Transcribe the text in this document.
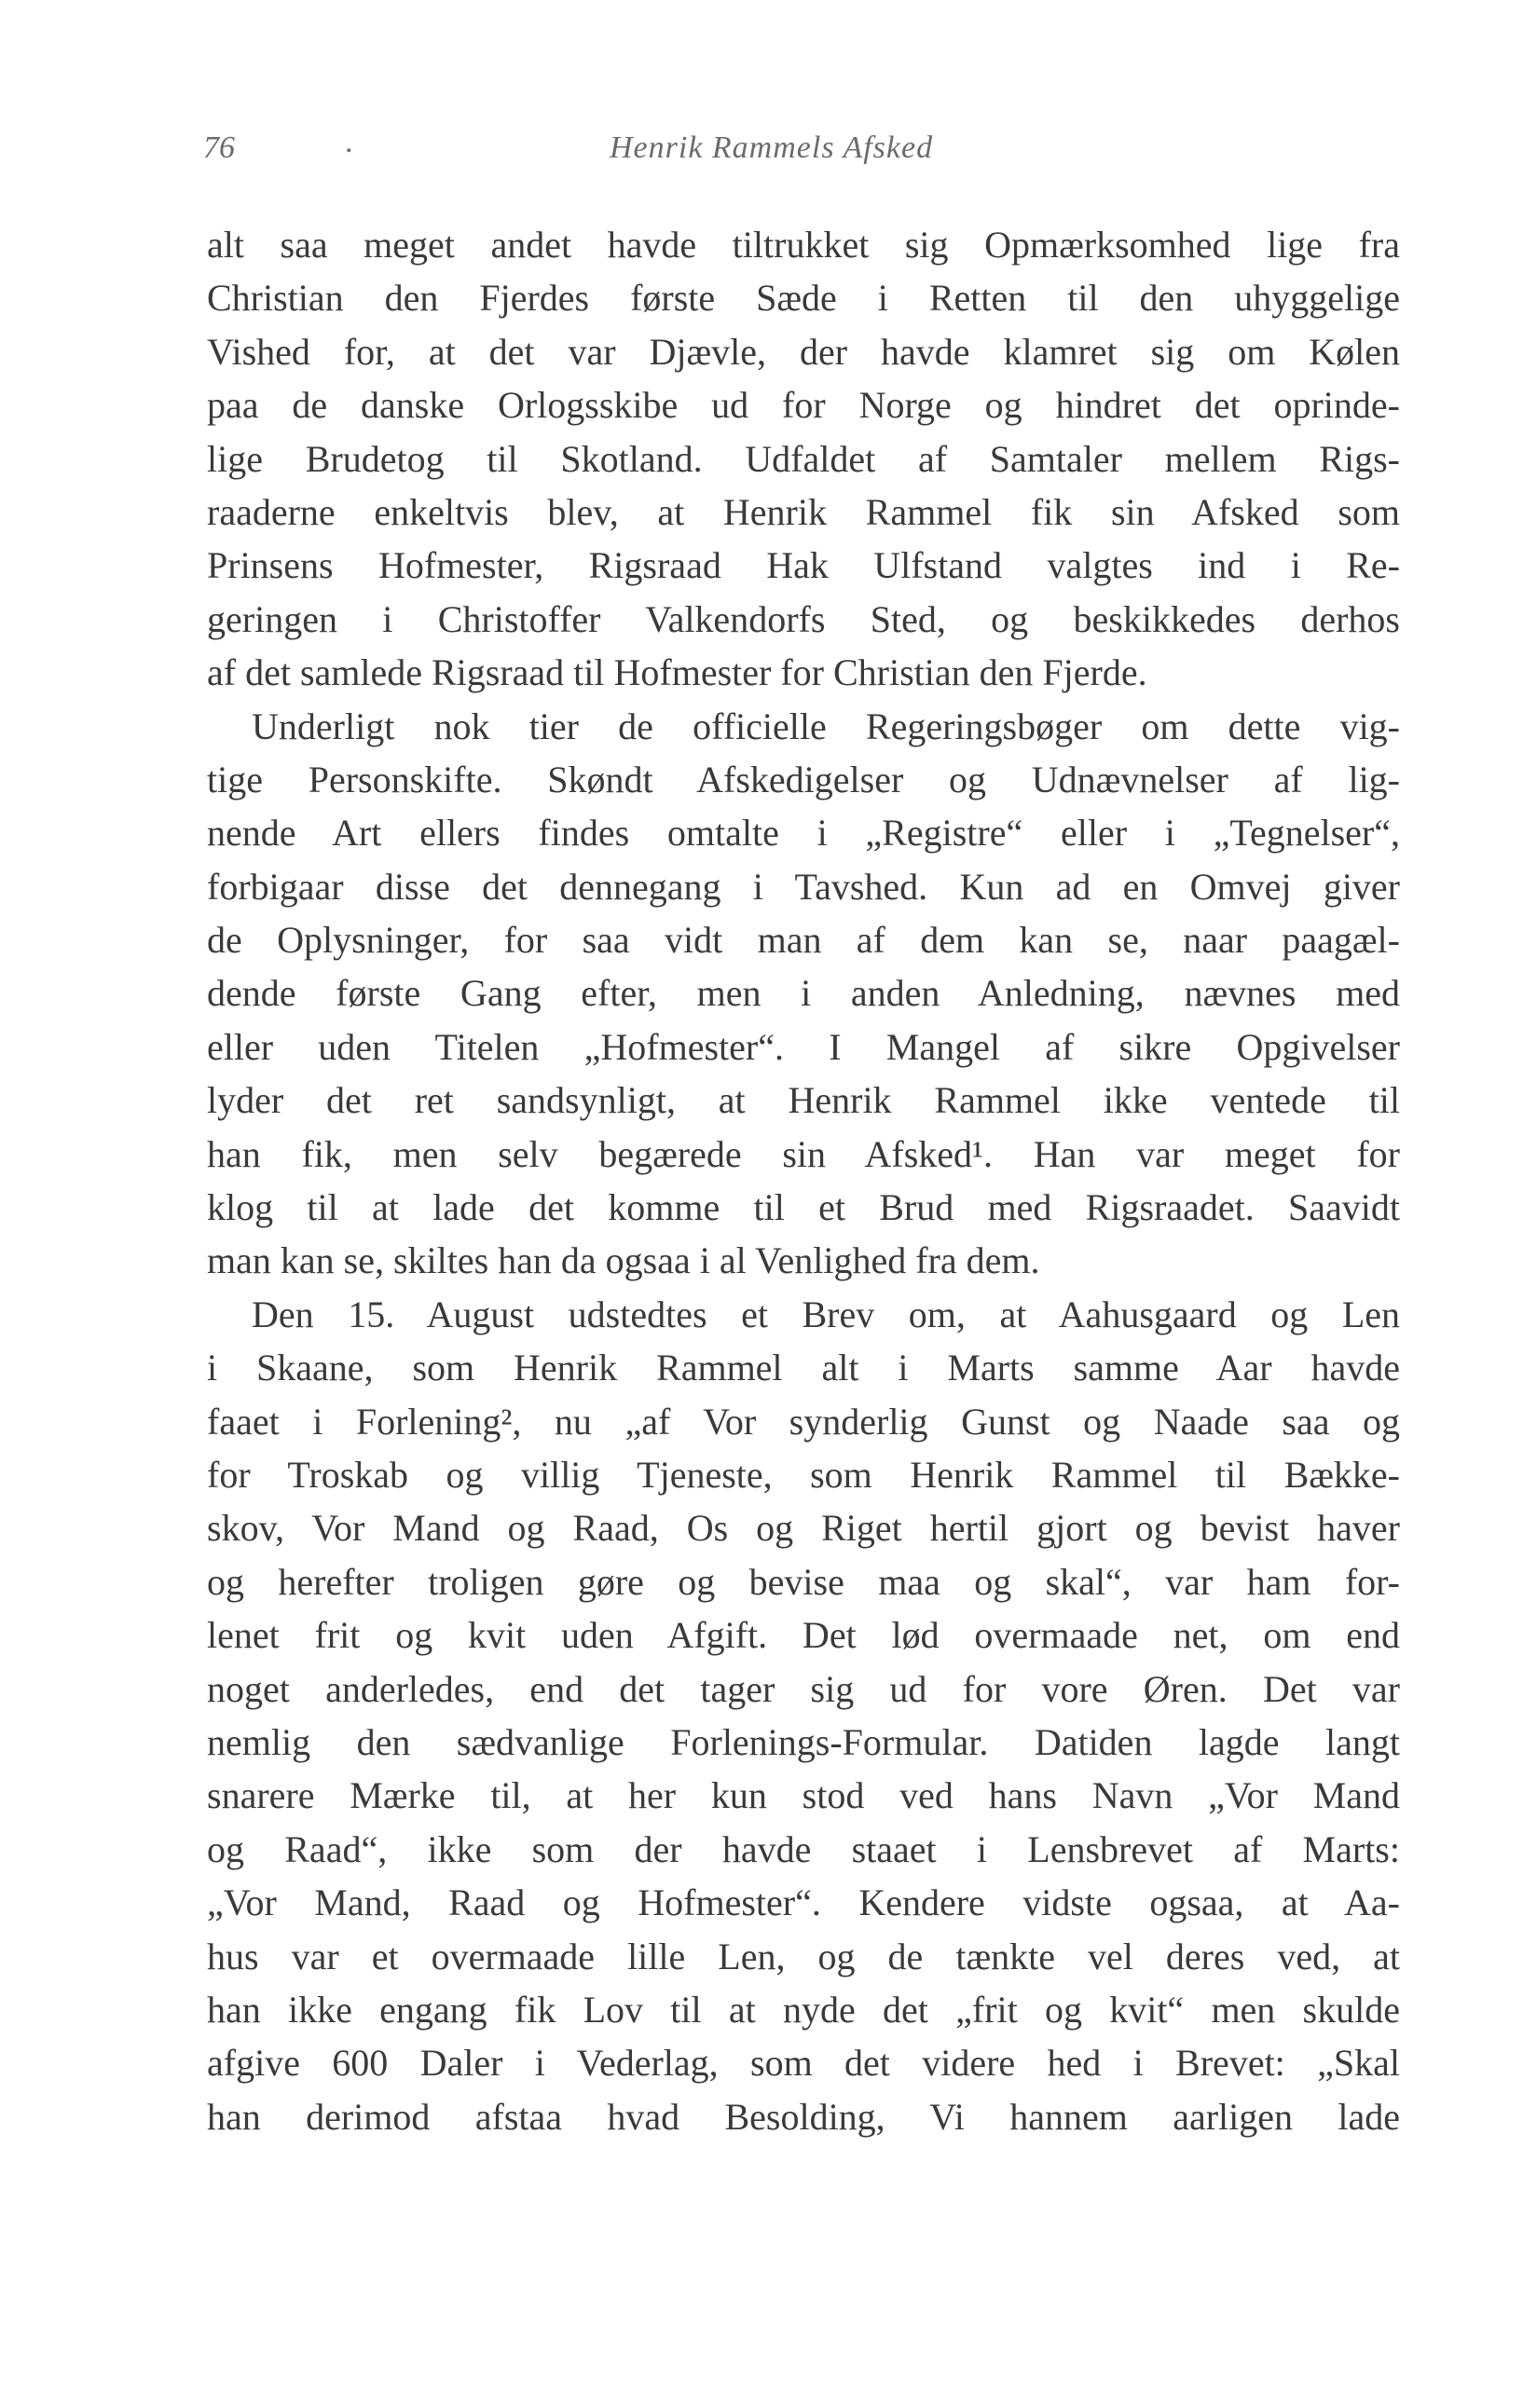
76	.	Henrik Rammels Afsked
alt saa meget andet havde tiltrukket sig Opmærksomhed lige fra
Christian den Fjerdes første Sæde i Retten til den uhyggelige
Vished for, at det var Djævle, der havde klamret sig om Kølen
paa de danske Orlogsskibe ud for Norge og hindret det oprinde-
lige Brudetog til Skotland. Udfaldet af Samtaler mellem Rigs-
raaderne enkeltvis blev, at Henrik Rammel fik sin Afsked som
Prinsens Hofmester, Rigsraad Hak Ulfstand valgtes ind i Re-
geringen i Christoffer Valkendorfs Sted, og beskikkedes derhos
af det samlede Rigsraad til Hofmester for Christian den Fjerde.
Underligt nok tier de officielle Regeringsbøger om dette vig-
tige Personskifte. Skøndt Afskedigelser og Udnævnelser af lig-
nende Art ellers findes omtalte i „Registre“ eller i „Tegnelser“,
forbigaar disse det dennegang i Tavshed. Kun ad en Omvej giver
de Oplysninger, for saa vidt man af dem kan se, naar paagæl-
dende første Gang efter, men i anden Anledning, nævnes med
eller uden Titelen „Hofmester“. I Mangel af sikre Opgivelser
lyder det ret sandsynligt, at Henrik Rammel ikke ventede til
han fik, men selv begærede sin Afsked¹. Han var meget for
klog til at lade det komme til et Brud med Rigsraadet. Saavidt
man kan se, skiltes han da ogsaa i al Venlighed fra dem.
Den 15. August udstedtes et Brev om, at Aahusgaard og Len
i Skaane, som Henrik Rammel alt i Marts samme Aar havde
faaet i Forlening², nu „af Vor synderlig Gunst og Naade saa og
for Troskab og villig Tjeneste, som Henrik Rammel til Bække-
skov, Vor Mand og Raad, Os og Riget hertil gjort og bevist haver
og herefter troligen gøre og bevise maa og skal“, var ham for-
lenet frit og kvit uden Afgift. Det lød overmaade net, om end
noget anderledes, end det tager sig ud for vore Øren. Det var
nemlig den sædvanlige Forlenings-Formular. Datiden lagde langt
snarere Mærke til, at her kun stod ved hans Navn „Vor Mand
og Raad“, ikke som der havde staaet i Lensbrevet af Marts:
„Vor Mand, Raad og Hofmester“. Kendere vidste ogsaa, at Aa-
hus var et overmaade lille Len, og de tænkte vel deres ved, at
han ikke engang fik Lov til at nyde det „frit og kvit“ men skulde
afgive 600 Daler i Vederlag, som det videre hed i Brevet: „Skal
han derimod afstaa hvad Besolding, Vi hannem aarligen lade
